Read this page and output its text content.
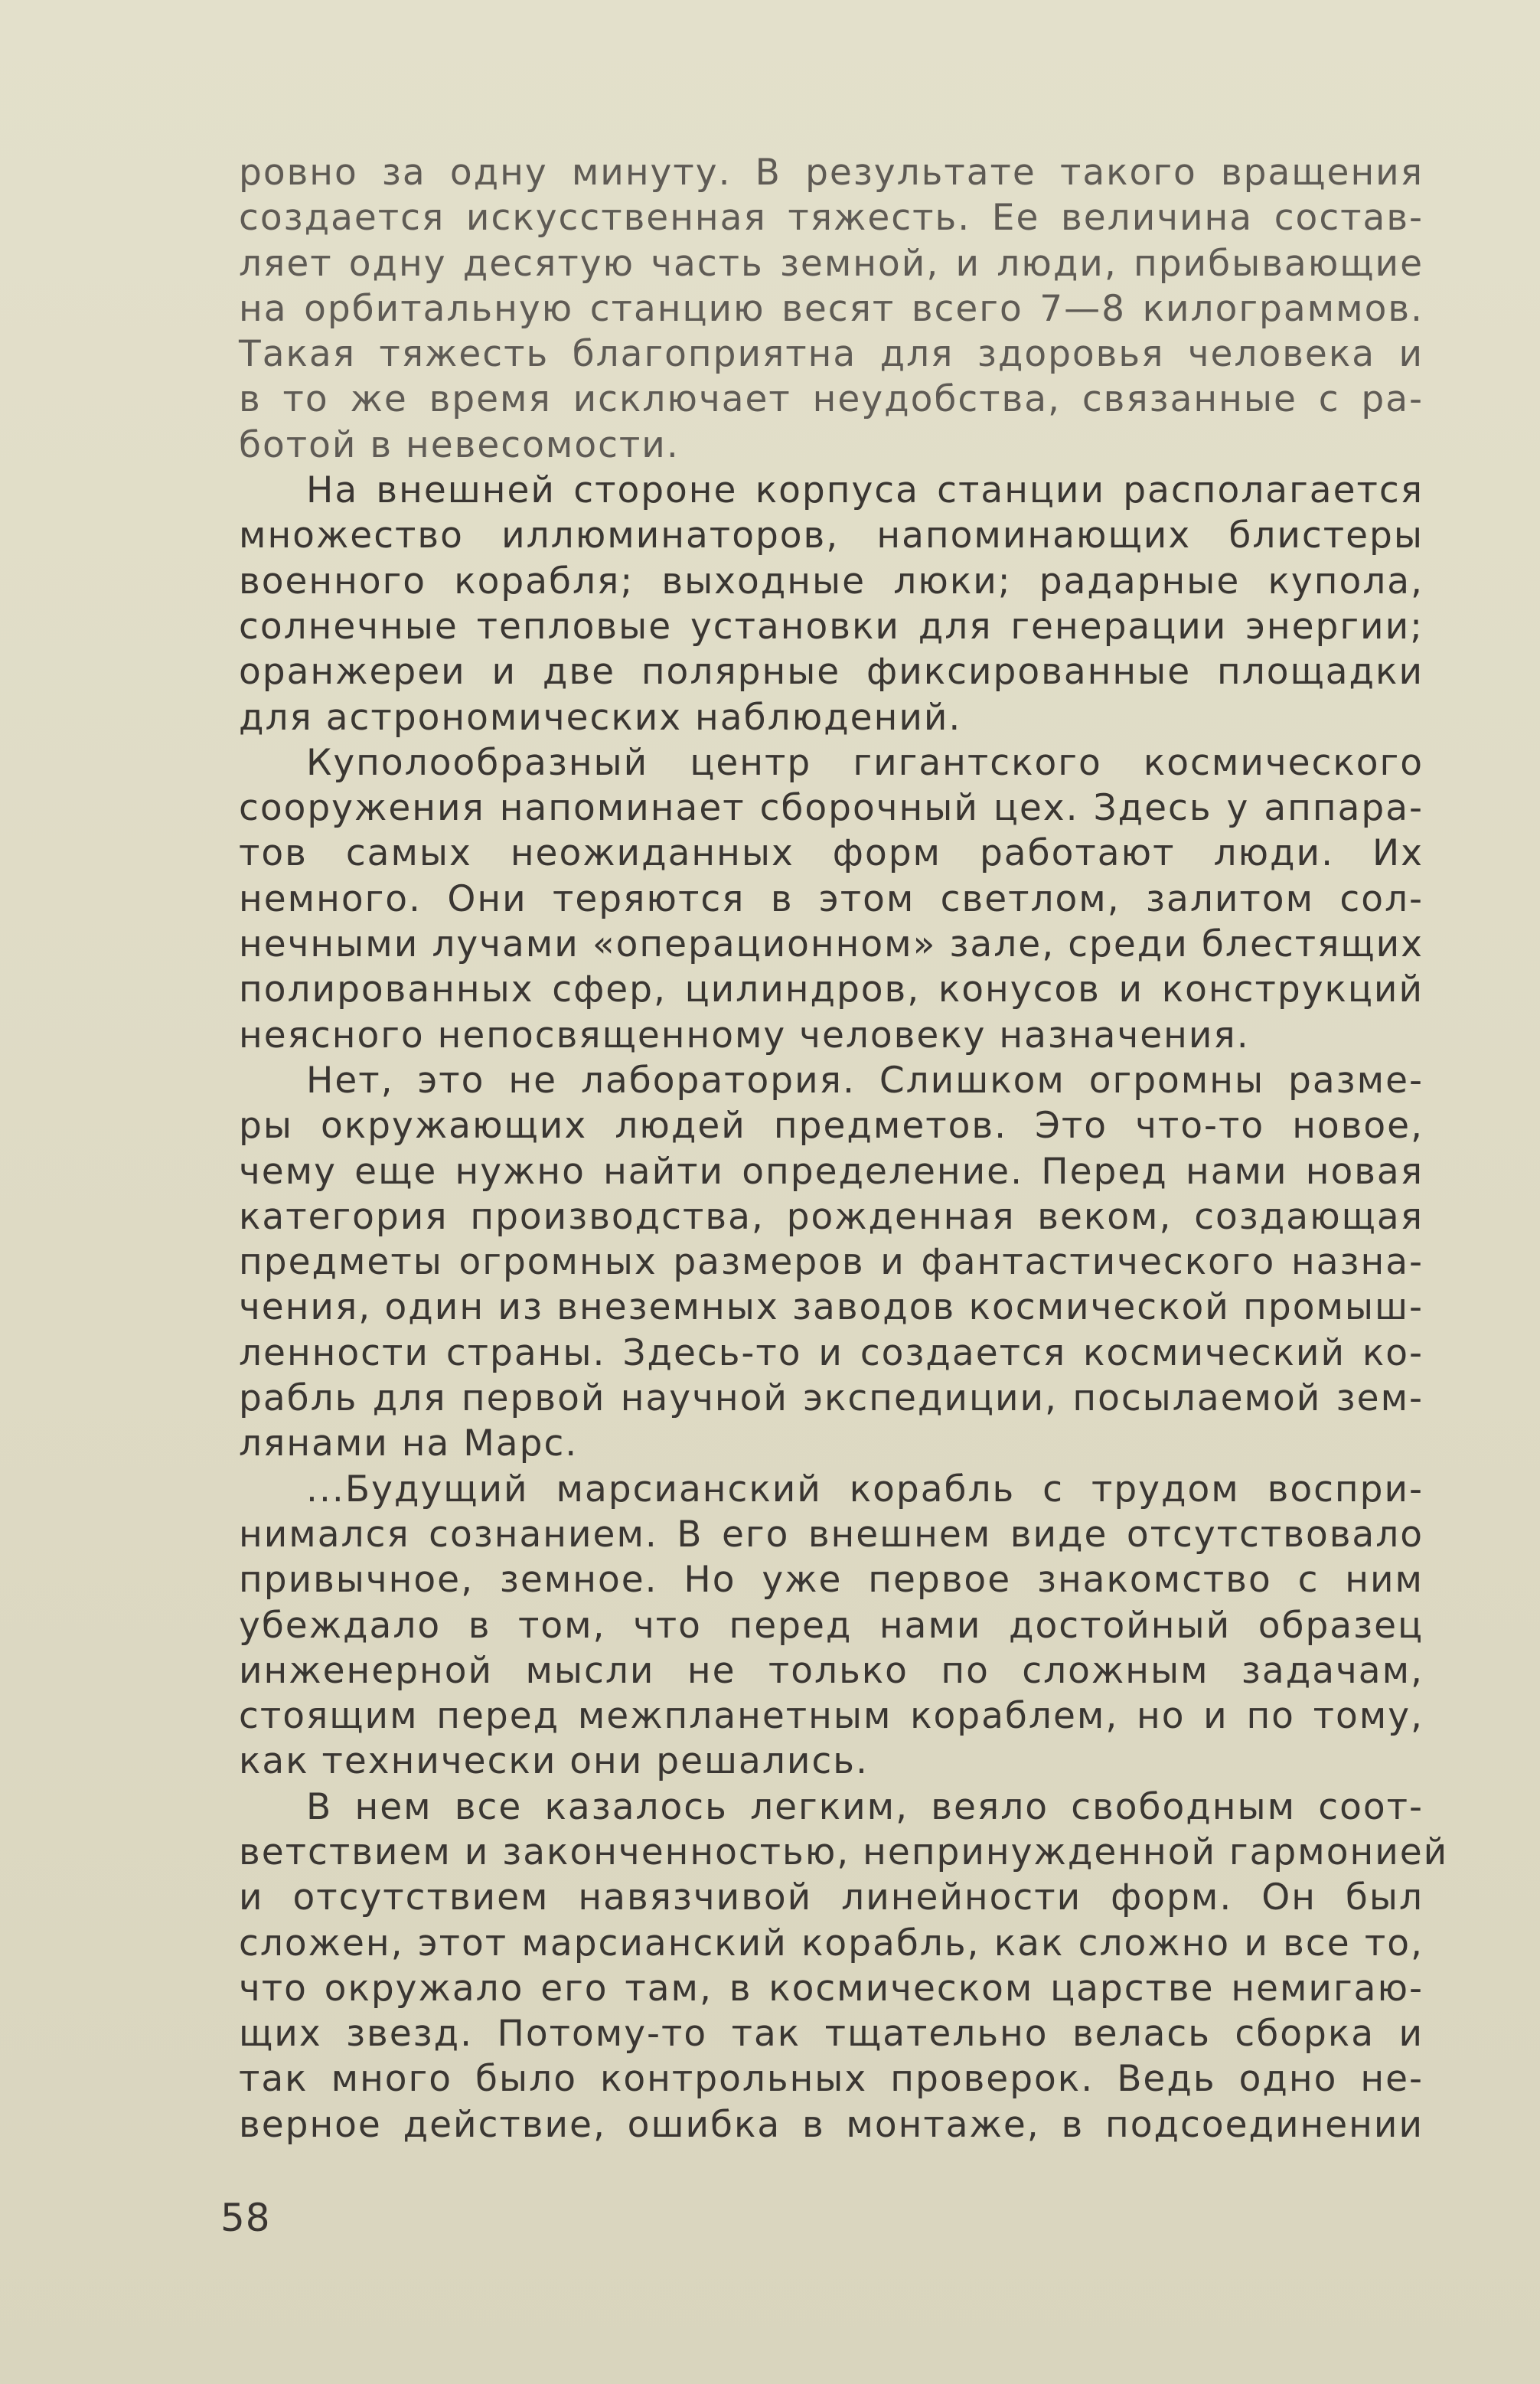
ровно за одну минуту. В результате такого вращения
создается искусственная тяжесть. Ее величина состав-
ляет одну десятую часть земной, и люди, прибывающие
на орбитальную станцию весят всего 7—8 килограммов.
Такая тяжесть благоприятна для здоровья человека и
в то же время исключает неудобства, связанные с ра-
ботой в невесомости.
На внешней стороне корпуса станции располагается
множество иллюминаторов, напоминающих блистеры
военного корабля; выходные люки; радарные купола,
солнечные тепловые установки для генерации энергии;
оранжереи и две полярные фиксированные площадки
для астрономических наблюдений.
Куполообразный центр гигантского космического
сооружения напоминает сборочный цех. Здесь у аппара-
тов самых неожиданных форм работают люди. Их
немного. Они теряются в этом светлом, залитом сол-
нечными лучами «операционном» зале, среди блестящих
полированных сфер, цилиндров, конусов и конструкций
неясного непосвященному человеку назначения.
Нет, это не лаборатория. Слишком огромны разме-
ры окружающих людей предметов. Это что-то новое,
чему еще нужно найти определение. Перед нами новая
категория производства, рожденная веком, создающая
предметы огромных размеров и фантастического назна-
чения, один из внеземных заводов космической промыш-
ленности страны. Здесь-то и создается космический ко-
рабль для первой научной экспедиции, посылаемой зем-
лянами на Марс.
...Будущий марсианский корабль с трудом воспри-
нимался сознанием. В его внешнем виде отсутствовало
привычное, земное. Но уже первое знакомство с ним
убеждало в том, что перед нами достойный образец
инженерной мысли не только по сложным задачам,
стоящим перед межпланетным кораблем, но и по тому,
как технически они решались.
В нем все казалось легким, веяло свободным соот-
ветствием и законченностью, непринужденной гармонией
и отсутствием навязчивой линейности форм. Он был
сложен, этот марсианский корабль, как сложно и все то,
что окружало его там, в космическом царстве немигаю-
щих звезд. Потому-то так тщательно велась сборка и
так много было контрольных проверок. Ведь одно не-
верное действие, ошибка в монтаже, в подсоединении
58
